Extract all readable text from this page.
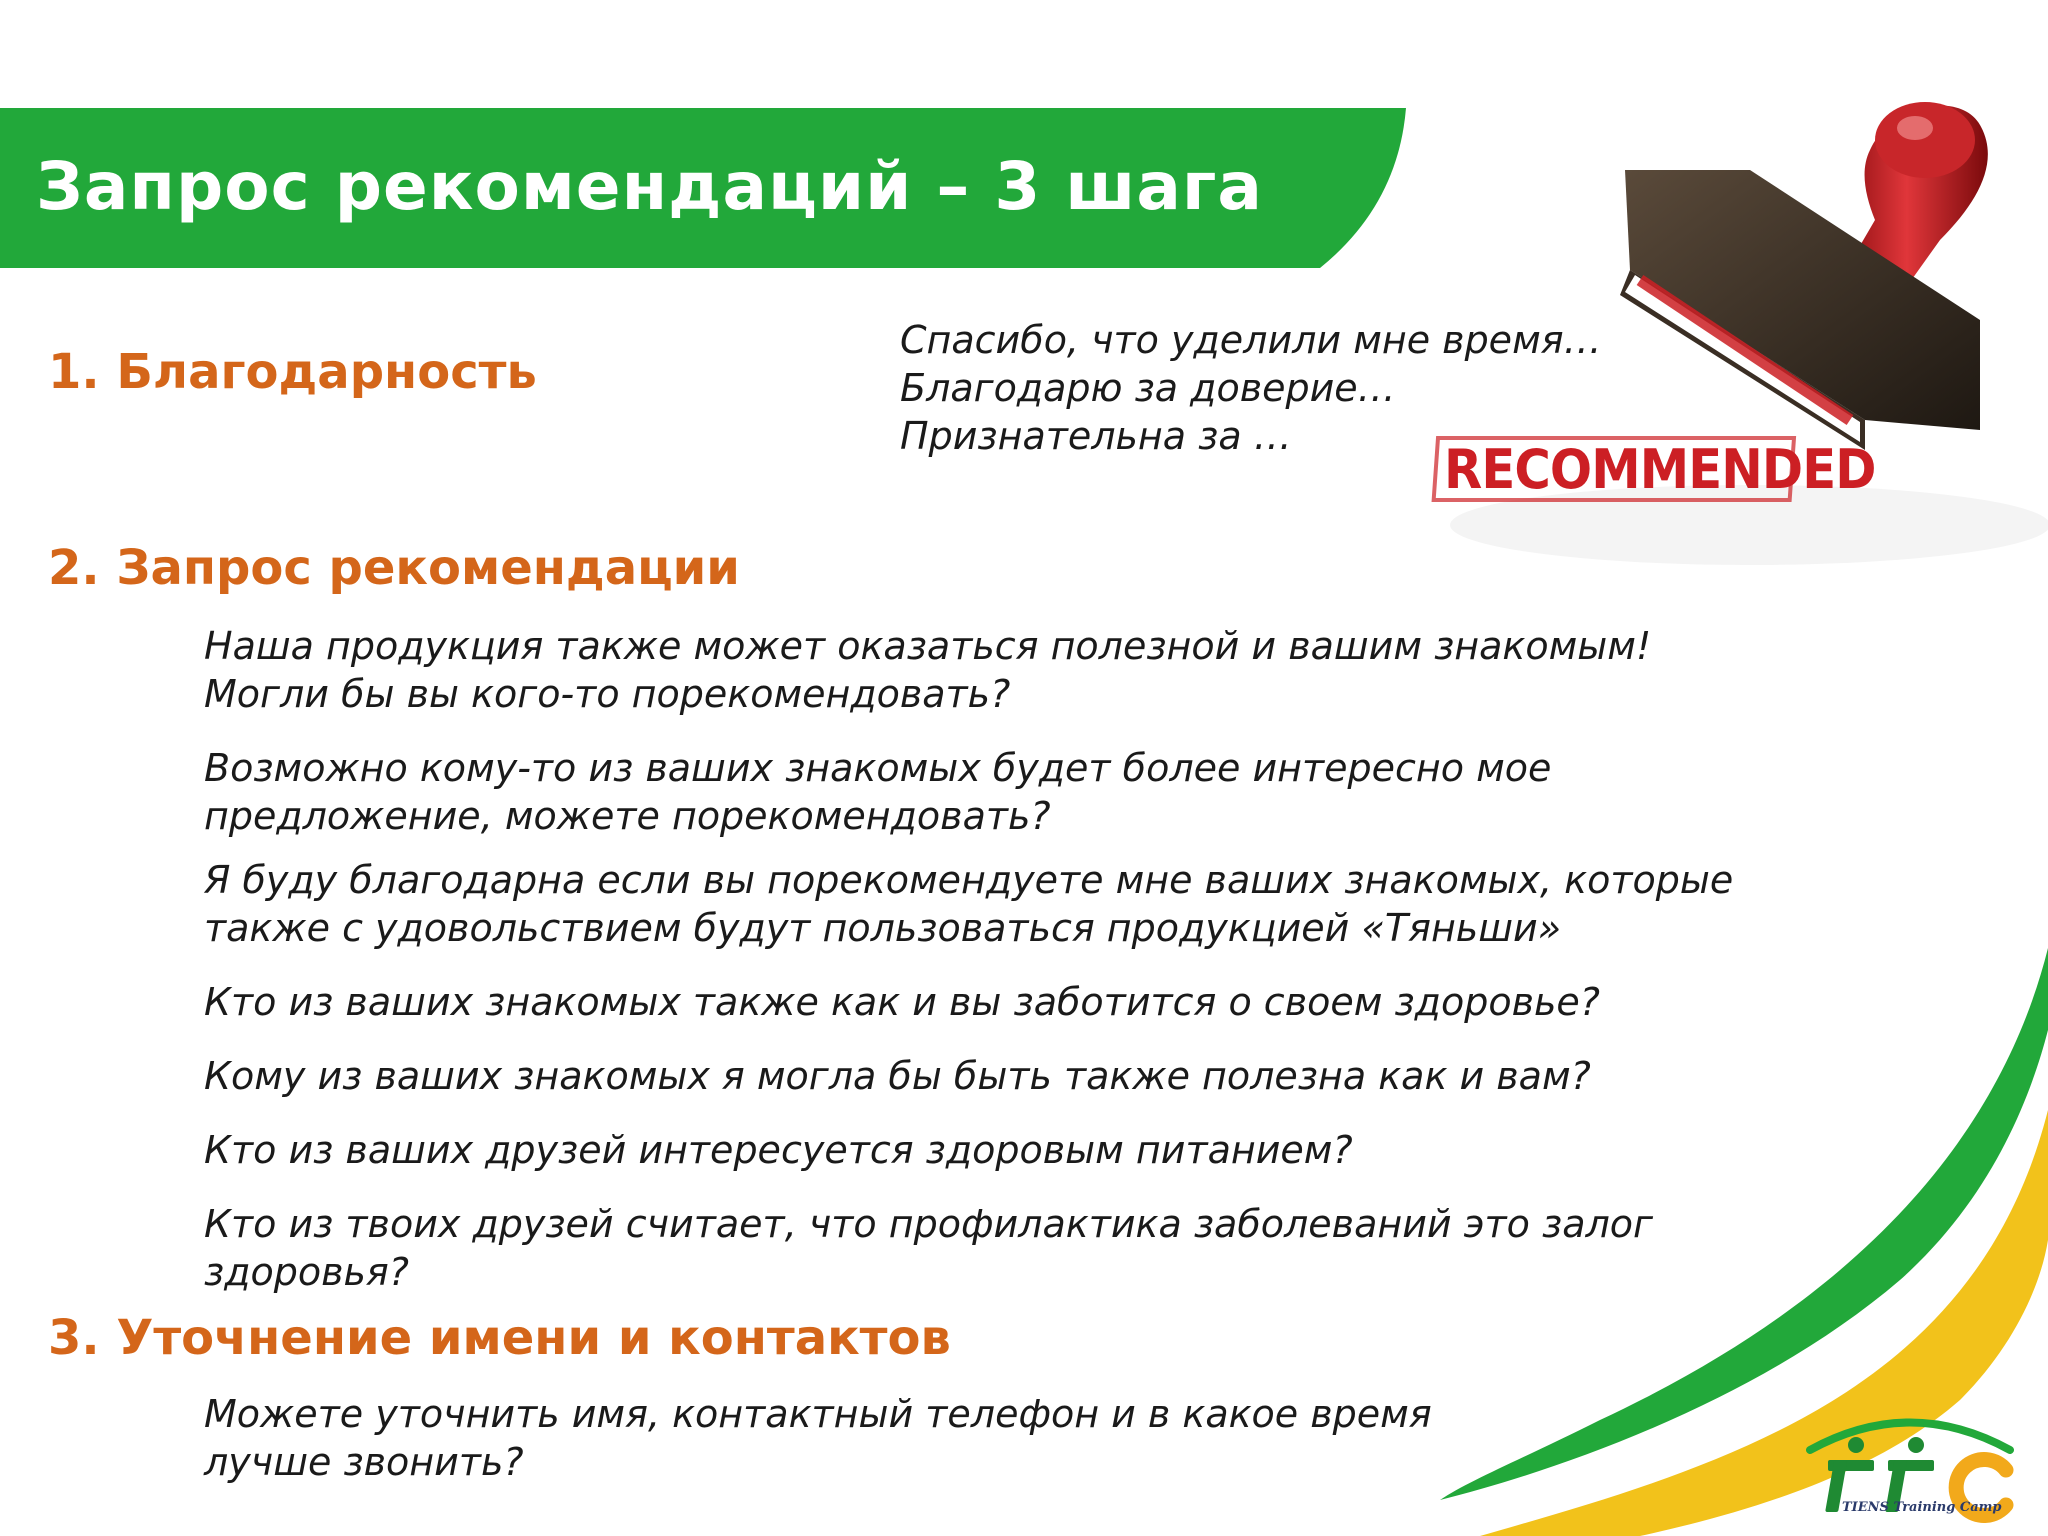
Запрос рекомендаций – 3 шага

RECOMMENDED

1. Благодарность

Спасибо, что уделили мне время…

Благодарю за доверие…

Признательна за …

2. Запрос рекомендации

Наша продукция также может оказаться полезной и вашим знакомым!

Могли бы вы кого-то порекомендовать?

Возможно кому-то из ваших знакомых будет более интересно мое

предложение, можете порекомендовать?

Я буду благодарна если вы порекомендуете мне ваших знакомых, которые

также с удовольствием будут пользоваться продукцией «Тяньши»

Кто из ваших знакомых также как и вы заботится о своем здоровье?

Кому из ваших знакомых я могла бы быть также полезна как и вам?

Кто из ваших друзей интересуется здоровым питанием?

Кто из твоих друзей считает, что профилактика заболеваний это залог

здоровья?

3. Уточнение имени и контактов

Можете уточнить имя, контактный телефон и в какое время

лучше звонить?

TIENS Training Camp
